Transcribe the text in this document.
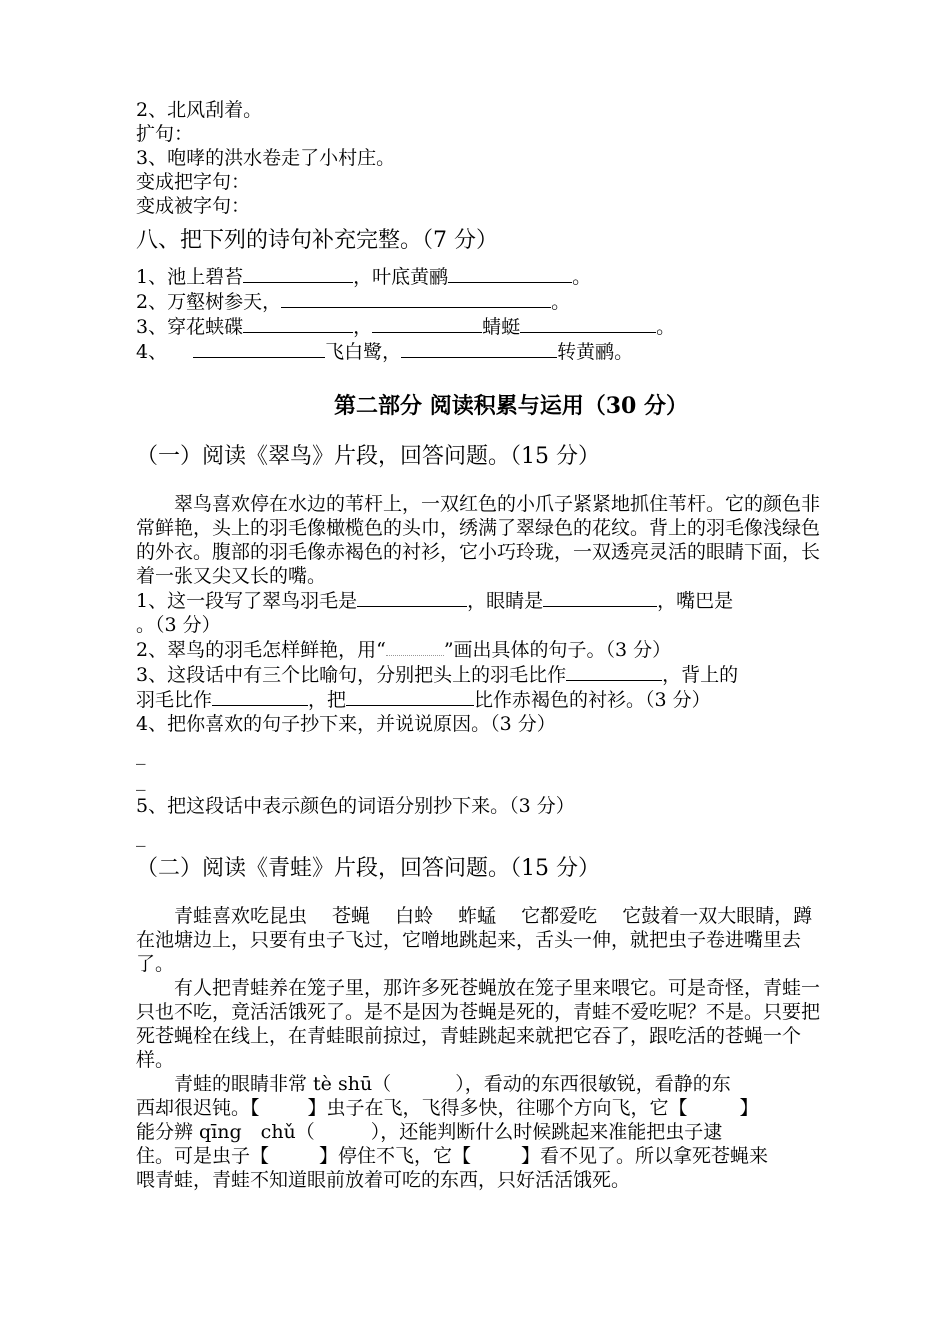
2、北风刮着。
扩句：
3、咆哮的洪水卷走了小村庄。
变成把字句：
变成被字句：
八、把下列的诗句补充完整。（7 分）
1、池上碧苔	，叶底黄鹂	。
2、万壑树参天，	。
3、穿花蛱碟	，	蜻蜓	。
4、	飞白鹭，	转黄鹂。
第二部分 阅读积累与运用（30 分）
（一）阅读《翠鸟》片段，回答问题。（15 分）
翠鸟喜欢停在水边的苇杆上，一双红色的小爪子紧紧地抓住苇杆。它的颜色非常鲜艳，头上的羽毛像橄榄色的头巾，绣满了翠绿色的花纹。背上的羽毛像浅绿色的外衣。腹部的羽毛像赤褐色的衬衫，它小巧玲珑，一双透亮灵活的眼睛下面，长着一张又尖又长的嘴。
1、这一段写了翠鸟羽毛是	，眼睛是	，嘴巴是
。（3 分）
2、翠鸟的羽毛怎样鲜艳，用“	”画出具体的句子。（3 分）
3、这段话中有三个比喻句，分别把头上的羽毛比作	，背上的
羽毛比作	，把	比作赤褐色的衬衫。（3 分）
4、把你喜欢的句子抄下来，并说说原因。（3 分）
_
_
5、把这段话中表示颜色的词语分别抄下来。（3 分）
_
（二）阅读《青蛙》片段，回答问题。（15 分）
青蛙喜欢吃昆虫　 苍蝇　 白蛉　 蚱蜢　 它都爱吃　 它鼓着一双大眼睛，蹲在池塘边上，只要有虫子飞过，它噌地跳起来，舌头一伸，就把虫子卷进嘴里去了。
有人把青蛙养在笼子里，那许多死苍蝇放在笼子里来喂它。可是奇怪，青蛙一只也不吃，竟活活饿死了。是不是因为苍蝇是死的，青蛙不爱吃呢？不是。只要把死苍蝇栓在线上，在青蛙眼前掠过，青蛙跳起来就把它吞了，跟吃活的苍蝇一个样。
青蛙的眼睛非常 tè shū（	），看动的东西很敏锐，看静的东
西却很迟钝。【	】虫子在飞，飞得多快，往哪个方向飞，它【	】
能分辨 qīng　chǔ（	），还能判断什么时候跳起来准能把虫子逮
住。可是虫子【	】停住不飞，它【	】看不见了。所以拿死苍蝇来
喂青蛙，青蛙不知道眼前放着可吃的东西，只好活活饿死。
